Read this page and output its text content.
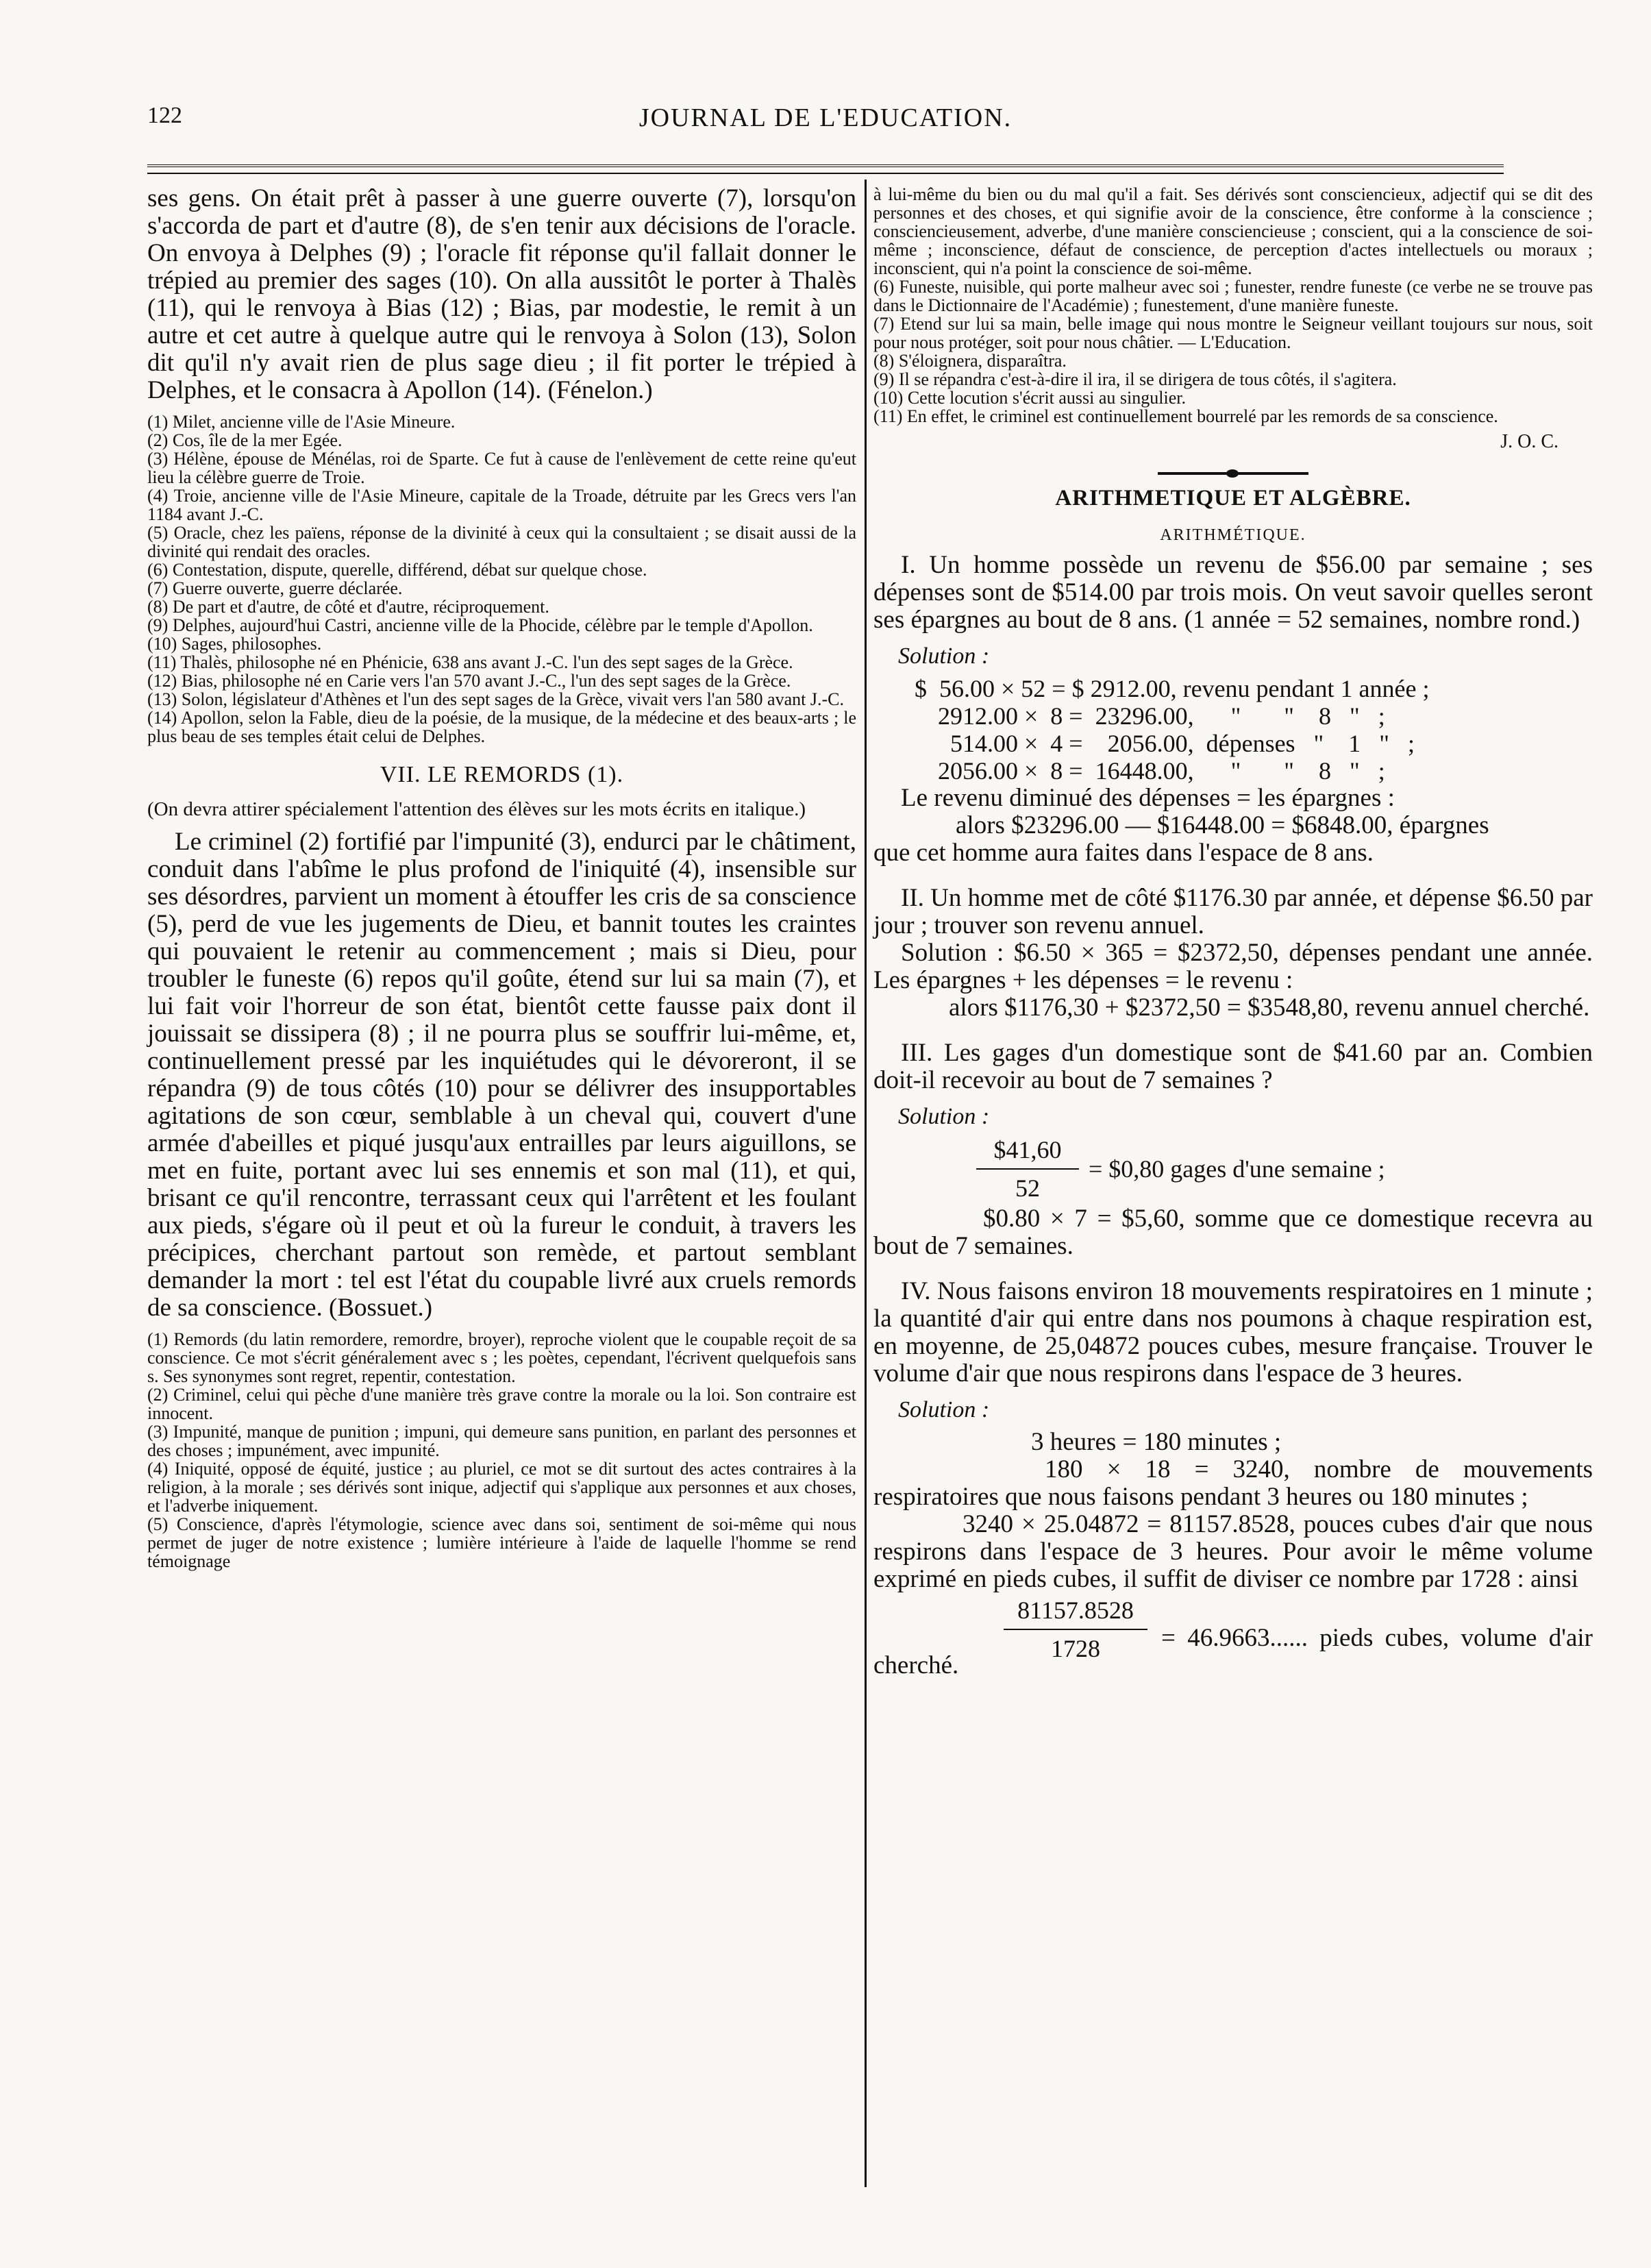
122	JOURNAL DE L'EDUCATION.

ses gens. On était prêt à passer à une guerre ouverte (7), lorsqu'on s'accorda de part et d'autre (8), de s'en tenir aux décisions de l'oracle. On envoya à Delphes (9) ; l'oracle fit réponse qu'il fallait donner le trépied au premier des sages (10). On alla aussitôt le porter à Thalès (11), qui le renvoya à Bias (12) ; Bias, par modestie, le remit à un autre et cet autre à quelque autre qui le renvoya à Solon (13), Solon dit qu'il n'y avait rien de plus sage dieu ; il fit porter le trépied à Delphes, et le consacra à Apollon (14). (Fénelon.)

(1) Milet, ancienne ville de l'Asie Mineure.

(2) Cos, île de la mer Egée.

(3) Hélène, épouse de Ménélas, roi de Sparte. Ce fut à cause de l'enlèvement de cette reine qu'eut lieu la célèbre guerre de Troie.

(4) Troie, ancienne ville de l'Asie Mineure, capitale de la Troade, détruite par les Grecs vers l'an 1184 avant J.-C.

(5) Oracle, chez les païens, réponse de la divinité à ceux qui la consultaient ; se disait aussi de la divinité qui rendait des oracles.

(6) Contestation, dispute, querelle, différend, débat sur quelque chose.

(7) Guerre ouverte, guerre déclarée.

(8) De part et d'autre, de côté et d'autre, réciproquement.

(9) Delphes, aujourd'hui Castri, ancienne ville de la Phocide, célèbre par le temple d'Apollon.

(10) Sages, philosophes.

(11) Thalès, philosophe né en Phénicie, 638 ans avant J.-C. l'un des sept sages de la Grèce.

(12) Bias, philosophe né en Carie vers l'an 570 avant J.-C., l'un des sept sages de la Grèce.

(13) Solon, législateur d'Athènes et l'un des sept sages de la Grèce, vivait vers l'an 580 avant J.-C.

(14) Apollon, selon la Fable, dieu de la poésie, de la musique, de la médecine et des beaux-arts ; le plus beau de ses temples était celui de Delphes.

VII. LE REMORDS (1).

(On devra attirer spécialement l'attention des élèves sur les mots écrits en italique.)

Le criminel (2) fortifié par l'impunité (3), endurci par le châtiment, conduit dans l'abîme le plus profond de l'iniquité (4), insensible sur ses désordres, parvient un moment à étouffer les cris de sa conscience (5), perd de vue les jugements de Dieu, et bannit toutes les craintes qui pouvaient le retenir au commencement ; mais si Dieu, pour troubler le funeste (6) repos qu'il goûte, étend sur lui sa main (7), et lui fait voir l'horreur de son état, bientôt cette fausse paix dont il jouissait se dissipera (8) ; il ne pourra plus se souffrir lui-même, et, continuellement pressé par les inquiétudes qui le dévoreront, il se répandra (9) de tous côtés (10) pour se délivrer des insupportables agitations de son cœur, semblable à un cheval qui, couvert d'une armée d'abeilles et piqué jusqu'aux entrailles par leurs aiguillons, se met en fuite, portant avec lui ses ennemis et son mal (11), et qui, brisant ce qu'il rencontre, terrassant ceux qui l'arrêtent et les foulant aux pieds, s'égare où il peut et où la fureur le conduit, à travers les précipices, cherchant partout son remède, et partout semblant demander la mort : tel est l'état du coupable livré aux cruels remords de sa conscience. (Bossuet.)

(1) Remords (du latin remordere, remordre, broyer), reproche violent que le coupable reçoit de sa conscience. Ce mot s'écrit généralement avec s ; les poètes, cependant, l'écrivent quelquefois sans s. Ses synonymes sont regret, repentir, contestation.

(2) Criminel, celui qui pèche d'une manière très grave contre la morale ou la loi. Son contraire est innocent.

(3) Impunité, manque de punition ; impuni, qui demeure sans punition, en parlant des personnes et des choses ; impunément, avec impunité.

(4) Iniquité, opposé de équité, justice ; au pluriel, ce mot se dit surtout des actes contraires à la religion, à la morale ; ses dérivés sont inique, adjectif qui s'applique aux personnes et aux choses, et l'adverbe iniquement.

(5) Conscience, d'après l'étymologie, science avec dans soi, sentiment de soi-même qui nous permet de juger de notre existence ; lumière intérieure à l'aide de laquelle l'homme se rend témoignage

à lui-même du bien ou du mal qu'il a fait. Ses dérivés sont consciencieux, adjectif qui se dit des personnes et des choses, et qui signifie avoir de la conscience, être conforme à la conscience ; consciencieusement, adverbe, d'une manière consciencieuse ; conscient, qui a la conscience de soi-même ; inconscience, défaut de conscience, de perception d'actes intellectuels ou moraux ; inconscient, qui n'a point la conscience de soi-même.

(6) Funeste, nuisible, qui porte malheur avec soi ; funester, rendre funeste (ce verbe ne se trouve pas dans le Dictionnaire de l'Académie) ; funestement, d'une manière funeste.

(7) Etend sur lui sa main, belle image qui nous montre le Seigneur veillant toujours sur nous, soit pour nous protéger, soit pour nous châtier. — L'Education.

(8) S'éloignera, disparaîtra.

(9) Il se répandra c'est-à-dire il ira, il se dirigera de tous côtés, il s'agitera.

(10) Cette locution s'écrit aussi au singulier.

(11) En effet, le criminel est continuellement bourrelé par les remords de sa conscience.

J. O. C.
ARITHMETIQUE ET ALGÈBRE.
ARITHMÉTIQUE.

I. Un homme possède un revenu de $56.00 par semaine ; ses dépenses sont de $514.00 par trois mois. On veut savoir quelles seront ses épargnes au bout de 8 ans. (1 année = 52 semaines, nombre rond.)

Solution :
$  56.00 × 52 = $ 2912.00, revenu pendant 1 année ;
2912.00 ×  8 =  23296.00,      "       "    8   "   ;
514.00 ×  4 =    2056.00,  dépenses   "    1   "   ;
2056.00 ×  8 =  16448.00,      "       "    8   "   ;

Le revenu diminué des dépenses = les épargnes :

alors $23296.00 — $16448.00 = $6848.00, épargnes

que cet homme aura faites dans l'espace de 8 ans.

II. Un homme met de côté $1176.30 par année, et dépense $6.50 par jour ; trouver son revenu annuel.

Solution : $6.50 × 365 = $2372,50, dépenses pendant une année. Les épargnes + les dépenses = le revenu :

alors $1176,30 + $2372,50 = $3548,80, revenu annuel cherché.

III. Les gages d'un domestique sont de $41.60 par an. Combien doit-il recevoir au bout de 7 semaines ?

Solution :
$\frac{\$41,60}{52}$ = $0,80 gages d'une semaine ;

$0.80 × 7 = $5,60, somme que ce domestique recevra au bout de 7 semaines.

IV. Nous faisons environ 18 mouvements respiratoires en 1 minute ; la quantité d'air qui entre dans nos poumons à chaque respiration est, en moyenne, de 25,04872 pouces cubes, mesure française. Trouver le volume d'air que nous respirons dans l'espace de 3 heures.

Solution :

3 heures = 180 minutes ;

180 × 18 = 3240, nombre de mouvements respiratoires que nous faisons pendant 3 heures ou 180 minutes ;

3240 × 25.04872 = 81157.8528, pouces cubes d'air que nous respirons dans l'espace de 3 heures. Pour avoir le même volume exprimé en pieds cubes, il suffit de diviser ce nombre par 1728 : ainsi

$\frac{81157.8528}{1728} = 46.9663$...... pieds cubes, volume d'air cherché.
